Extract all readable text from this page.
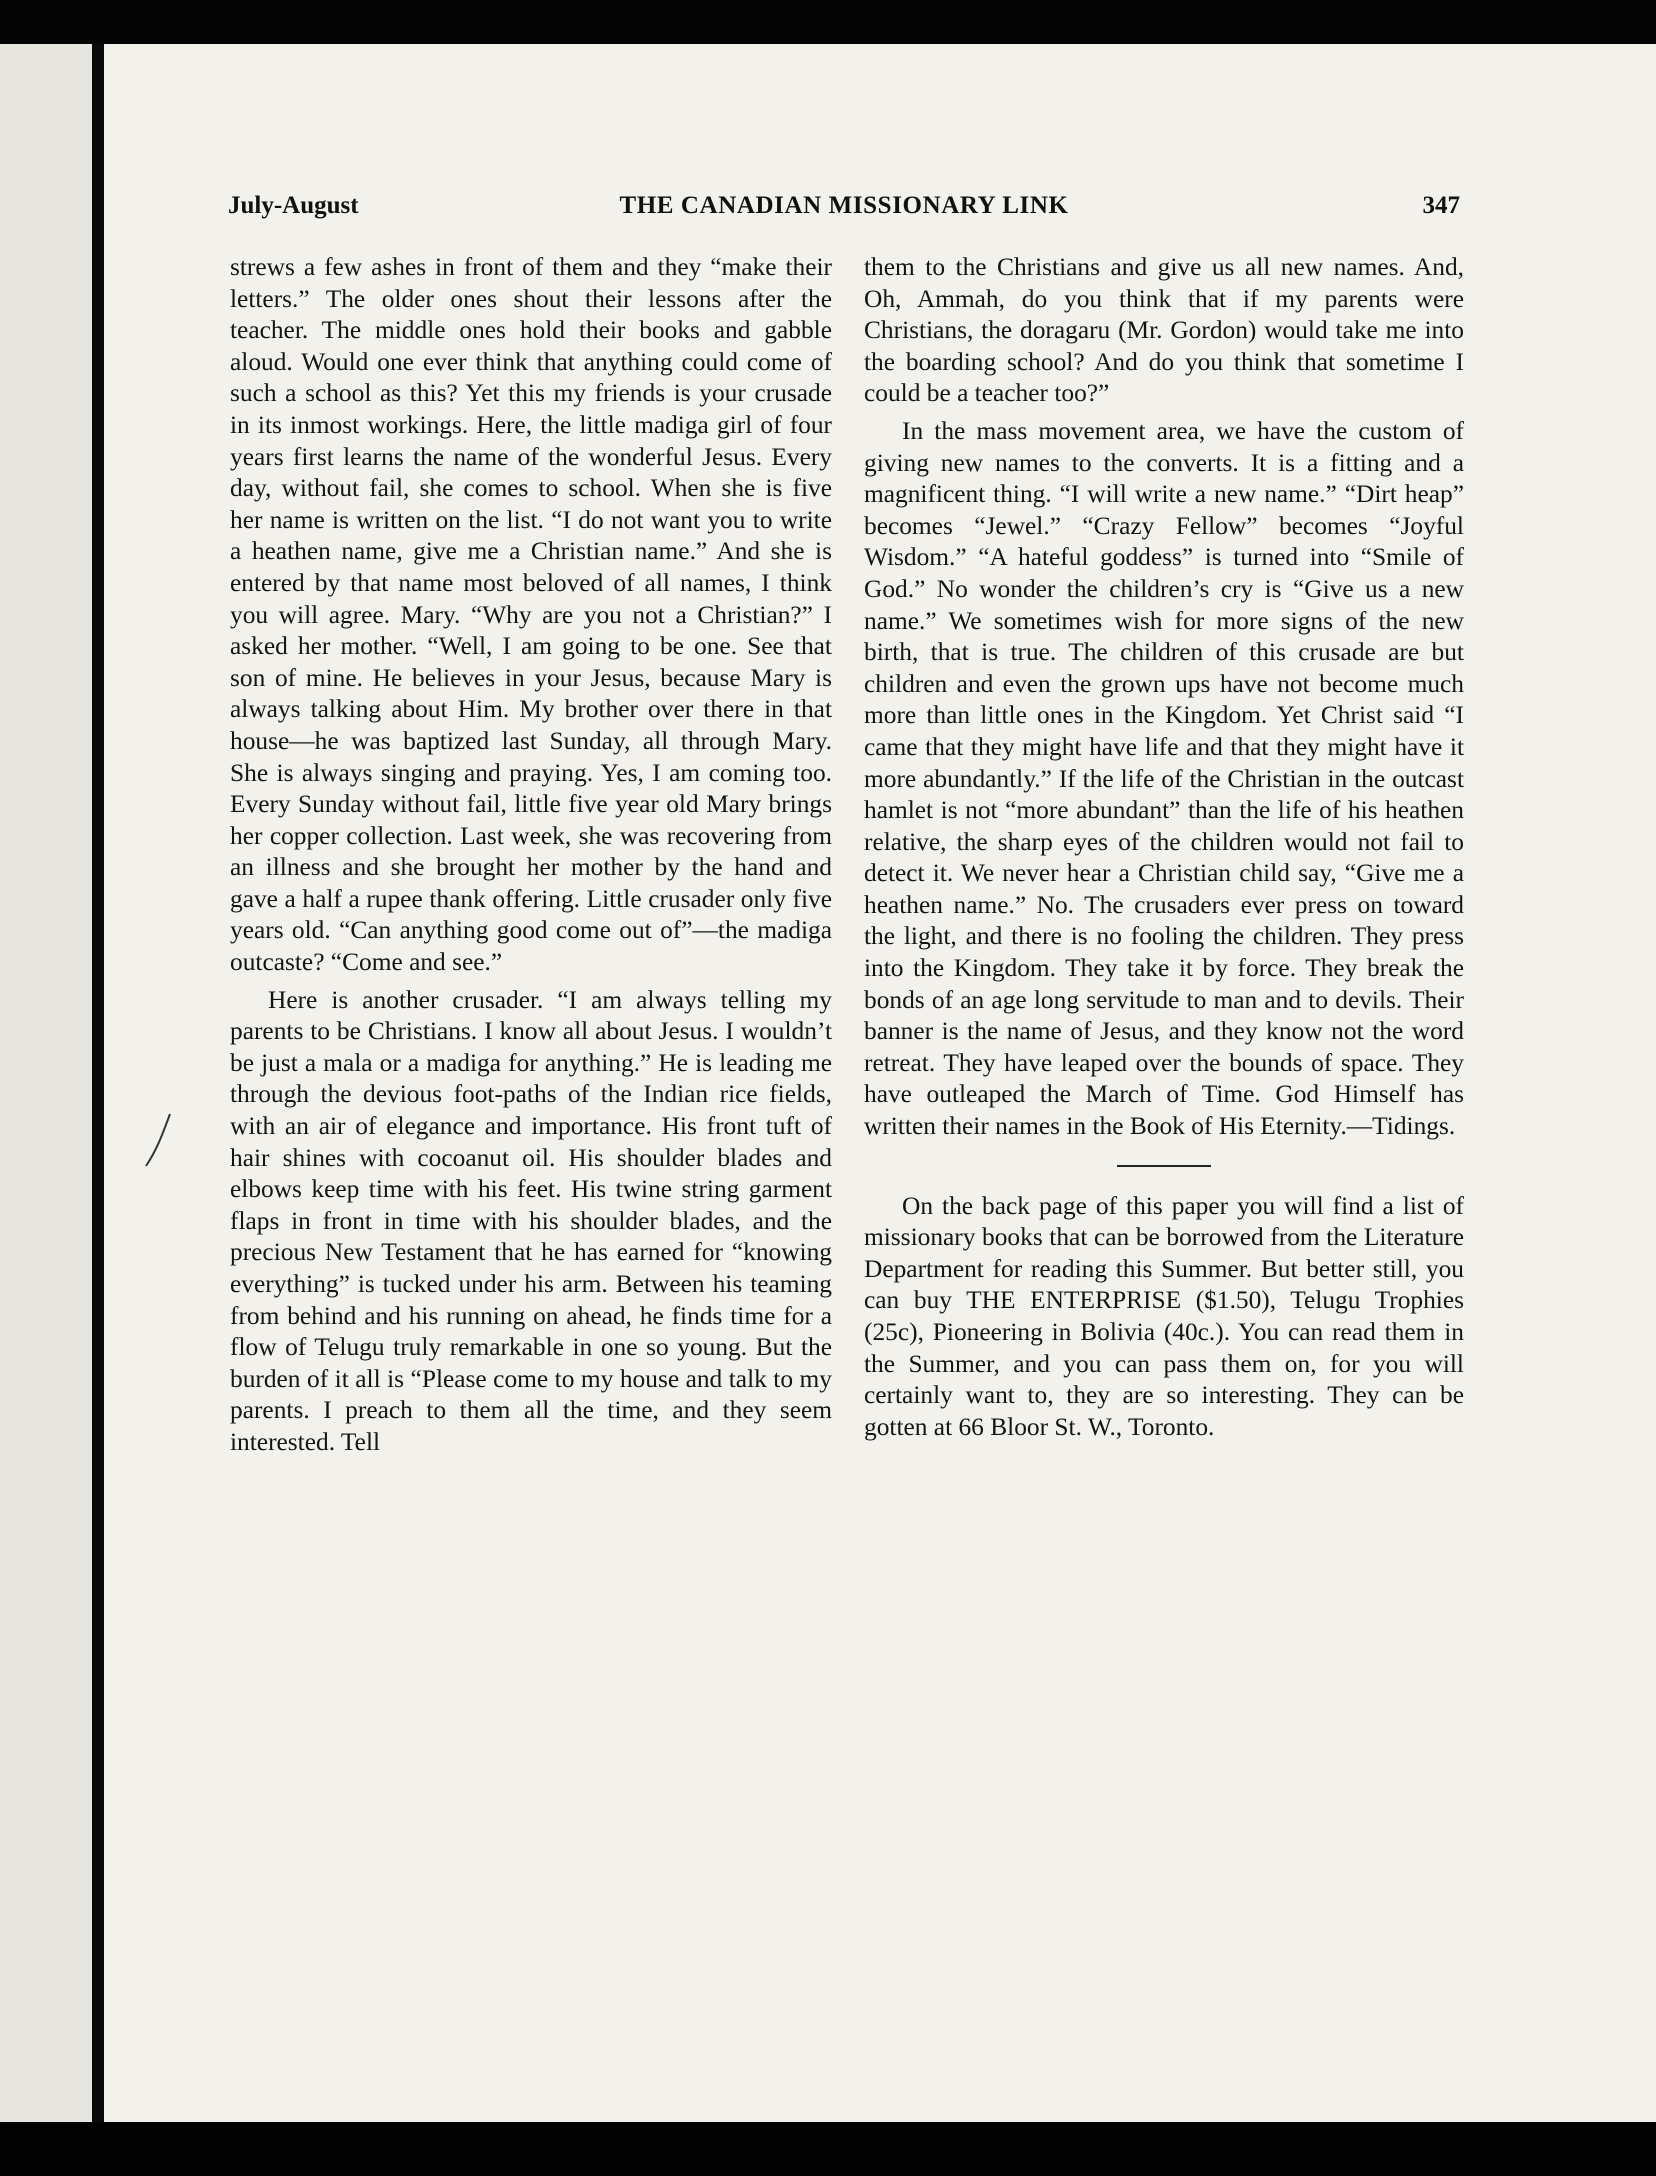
July-August	THE CANADIAN MISSIONARY LINK	347

strews a few ashes in front of them and they “make their letters.” The older ones shout their lessons after the teacher. The middle ones hold their books and gabble aloud. Would one ever think that anything could come of such a school as this? Yet this my friends is your crusade in its inmost workings. Here, the little madiga girl of four years first learns the name of the wonderful Jesus. Every day, without fail, she comes to school. When she is five her name is written on the list. “I do not want you to write a heathen name, give me a Christian name.” And she is entered by that name most beloved of all names, I think you will agree. Mary. “Why are you not a Christian?” I asked her mother. “Well, I am going to be one. See that son of mine. He believes in your Jesus, because Mary is always talking about Him. My brother over there in that house—he was baptized last Sunday, all through Mary. She is always singing and praying. Yes, I am coming too. Every Sunday without fail, little five year old Mary brings her copper collection. Last week, she was recovering from an illness and she brought her mother by the hand and gave a half a rupee thank offering. Little crusader only five years old. “Can anything good come out of”—the madiga outcaste? “Come and see.”

Here is another crusader. “I am always telling my parents to be Christians. I know all about Jesus. I wouldn’t be just a mala or a madiga for anything.” He is leading me through the devious foot-paths of the Indian rice fields, with an air of elegance and importance. His front tuft of hair shines with cocoanut oil. His shoulder blades and elbows keep time with his feet. His twine string garment flaps in front in time with his shoulder blades, and the precious New Testament that he has earned for “knowing everything” is tucked under his arm. Between his teaming from behind and his running on ahead, he finds time for a flow of Telugu truly remarkable in one so young. But the burden of it all is “Please come to my house and talk to my parents. I preach to them all the time, and they seem interested. Tell

them to the Christians and give us all new names. And, Oh, Ammah, do you think that if my parents were Christians, the doragaru (Mr. Gordon) would take me into the boarding school? And do you think that sometime I could be a teacher too?”

In the mass movement area, we have the custom of giving new names to the converts. It is a fitting and a magnificent thing. “I will write a new name.” “Dirt heap” becomes “Jewel.” “Crazy Fellow” becomes “Joyful Wisdom.” “A hateful goddess” is turned into “Smile of God.” No wonder the children’s cry is “Give us a new name.” We sometimes wish for more signs of the new birth, that is true. The children of this crusade are but children and even the grown ups have not become much more than little ones in the Kingdom. Yet Christ said “I came that they might have life and that they might have it more abundantly.” If the life of the Christian in the outcast hamlet is not “more abundant” than the life of his heathen relative, the sharp eyes of the children would not fail to detect it. We never hear a Christian child say, “Give me a heathen name.” No. The crusaders ever press on toward the light, and there is no fooling the children. They press into the Kingdom. They take it by force. They break the bonds of an age long servitude to man and to devils. Their banner is the name of Jesus, and they know not the word retreat. They have leaped over the bounds of space. They have outleaped the March of Time. God Himself has written their names in the Book of His Eternity.—Tidings.

On the back page of this paper you will find a list of missionary books that can be borrowed from the Literature Department for reading this Summer. But better still, you can buy THE ENTERPRISE ($1.50), Telugu Trophies (25c), Pioneering in Bolivia (40c.). You can read them in the Summer, and you can pass them on, for you will certainly want to, they are so interesting. They can be gotten at 66 Bloor St. W., Toronto.
